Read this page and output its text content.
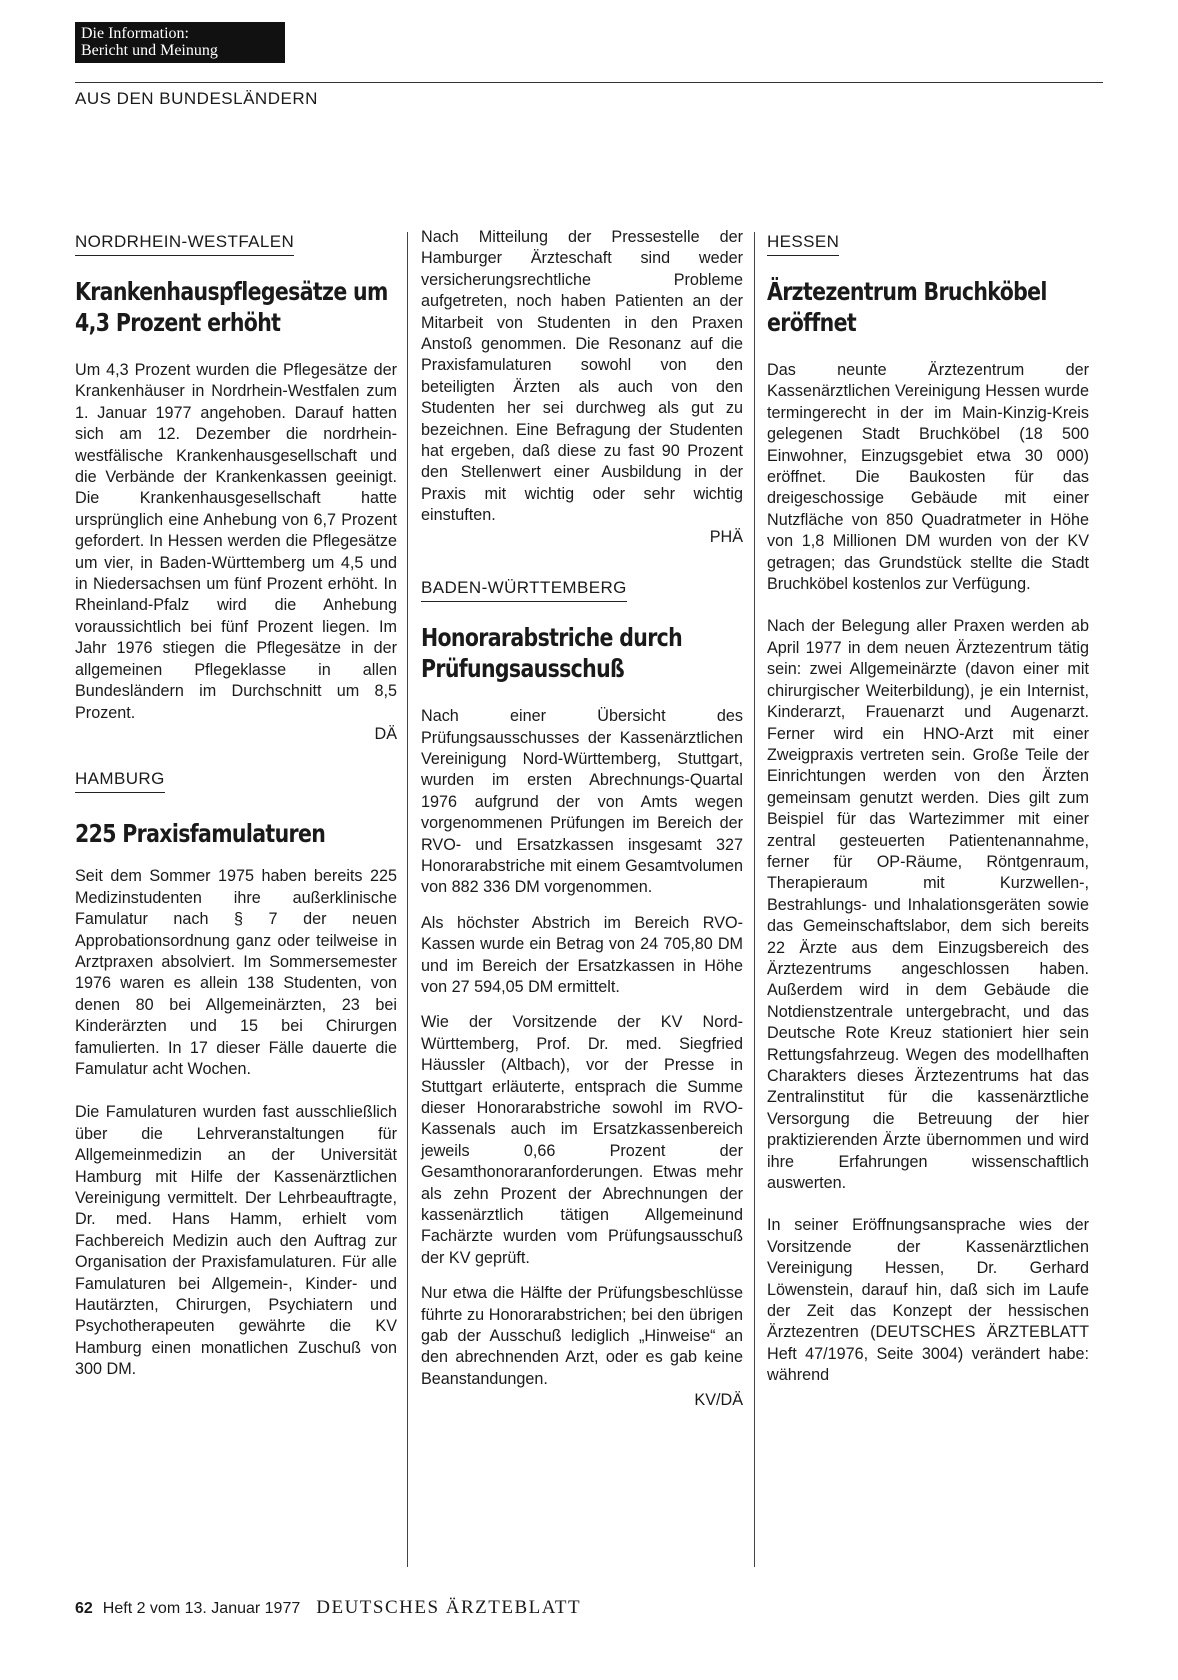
Die Information:
Bericht und Meinung
AUS DEN BUNDESLÄNDERN
NORDRHEIN-WESTFALEN
Krankenhauspflegesätze um 4,3 Prozent erhöht

Um 4,3 Prozent wurden die Pflegesätze der Krankenhäuser in Nordrhein-Westfalen zum 1. Januar 1977 angehoben. Darauf hatten sich am 12. Dezember die nordrhein-westfälische Krankenhausgesellschaft und die Verbände der Krankenkassen geeinigt. Die Krankenhausgesellschaft hatte ursprünglich eine Anhebung von 6,7 Prozent gefordert. In Hessen werden die Pflegesätze um vier, in Baden-Württemberg um 4,5 und in Niedersachsen um fünf Prozent erhöht. In Rheinland-Pfalz wird die Anhebung voraussichtlich bei fünf Prozent liegen. Im Jahr 1976 stiegen die Pflegesätze in der allgemeinen Pflegeklasse in allen Bundesländern im Durchschnitt um 8,5 Prozent.
DÄ

HAMBURG
225 Praxisfamulaturen

Seit dem Sommer 1975 haben bereits 225 Medizinstudenten ihre außerklinische Famulatur nach § 7 der neuen Approbationsordnung ganz oder teilweise in Arztpraxen absolviert. Im Sommersemester 1976 waren es allein 138 Studenten, von denen 80 bei Allgemeinärzten, 23 bei Kinderärzten und 15 bei Chirurgen famulierten. In 17 dieser Fälle dauerte die Famulatur acht Wochen.

Die Famulaturen wurden fast ausschließlich über die Lehrveranstaltungen für Allgemeinmedizin an der Universität Hamburg mit Hilfe der Kassenärztlichen Vereinigung vermittelt. Der Lehrbeauftragte, Dr. med. Hans Hamm, erhielt vom Fachbereich Medizin auch den Auftrag zur Organisation der Praxisfamulaturen. Für alle Famulaturen bei Allgemein-, Kinder- und Hautärzten, Chirurgen, Psychiatern und Psychotherapeuten gewährte die KV Hamburg einen monatlichen Zuschuß von 300 DM.

Nach Mitteilung der Pressestelle der Hamburger Ärzteschaft sind weder versicherungsrechtliche Probleme aufgetreten, noch haben Patienten an der Mitarbeit von Studenten in den Praxen Anstoß genommen. Die Resonanz auf die Praxisfamulaturen sowohl von den beteiligten Ärzten als auch von den Studenten her sei durchweg als gut zu bezeichnen. Eine Befragung der Studenten hat ergeben, daß diese zu fast 90 Prozent den Stellenwert einer Ausbildung in der Praxis mit wichtig oder sehr wichtig einstuften.
PHÄ

BADEN-WÜRTTEMBERG
Honorarabstriche durch Prüfungsausschuß

Nach einer Übersicht des Prüfungsausschusses der Kassenärztlichen Vereinigung Nord-Württemberg, Stuttgart, wurden im ersten Abrechnungs-Quartal 1976 aufgrund der von Amts wegen vorgenommenen Prüfungen im Bereich der RVO- und Ersatzkassen insgesamt 327 Honorarabstriche mit einem Gesamtvolumen von 882 336 DM vorgenommen.

Als höchster Abstrich im Bereich RVO-Kassen wurde ein Betrag von 24 705,80 DM und im Bereich der Ersatzkassen in Höhe von 27 594,05 DM ermittelt.

Wie der Vorsitzende der KV Nord-Württemberg, Prof. Dr. med. Siegfried Häussler (Altbach), vor der Presse in Stuttgart erläuterte, entsprach die Summe dieser Honorarabstriche sowohl im RVO-Kassenals auch im Ersatzkassenbereich jeweils 0,66 Prozent der Gesamthonoraranforderungen. Etwas mehr als zehn Prozent der Abrechnungen der kassenärztlich tätigen Allgemeinund Fachärzte wurden vom Prüfungsausschuß der KV geprüft.

Nur etwa die Hälfte der Prüfungsbeschlüsse führte zu Honorarabstrichen; bei den übrigen gab der Ausschuß lediglich „Hinweise“ an den abrechnenden Arzt, oder es gab keine Beanstandungen.
KV/DÄ

HESSEN
Ärztezentrum Bruchköbel eröffnet

Das neunte Ärztezentrum der Kassenärztlichen Vereinigung Hessen wurde termingerecht in der im Main-Kinzig-Kreis gelegenen Stadt Bruchköbel (18 500 Einwohner, Einzugsgebiet etwa 30 000) eröffnet. Die Baukosten für das dreigeschossige Gebäude mit einer Nutzfläche von 850 Quadratmeter in Höhe von 1,8 Millionen DM wurden von der KV getragen; das Grundstück stellte die Stadt Bruchköbel kostenlos zur Verfügung.

Nach der Belegung aller Praxen werden ab April 1977 in dem neuen Ärztezentrum tätig sein: zwei Allgemeinärzte (davon einer mit chirurgischer Weiterbildung), je ein Internist, Kinderarzt, Frauenarzt und Augenarzt. Ferner wird ein HNO-Arzt mit einer Zweigpraxis vertreten sein. Große Teile der Einrichtungen werden von den Ärzten gemeinsam genutzt werden. Dies gilt zum Beispiel für das Wartezimmer mit einer zentral gesteuerten Patientenannahme, ferner für OP-Räume, Röntgenraum, Therapieraum mit Kurzwellen-, Bestrahlungs- und Inhalationsgeräten sowie das Gemeinschaftslabor, dem sich bereits 22 Ärzte aus dem Einzugsbereich des Ärztezentrums angeschlossen haben. Außerdem wird in dem Gebäude die Notdienstzentrale untergebracht, und das Deutsche Rote Kreuz stationiert hier sein Rettungsfahrzeug. Wegen des modellhaften Charakters dieses Ärztezentrums hat das Zentralinstitut für die kassenärztliche Versorgung die Betreuung der hier praktizierenden Ärzte übernommen und wird ihre Erfahrungen wissenschaftlich auswerten.

In seiner Eröffnungsansprache wies der Vorsitzende der Kassenärztlichen Vereinigung Hessen, Dr. Gerhard Löwenstein, darauf hin, daß sich im Laufe der Zeit das Konzept der hessischen Ärztezentren (DEUTSCHES ÄRZTEBLATT Heft 47/1976, Seite 3004) verändert habe: während

62 Heft 2 vom 13. Januar 1977 DEUTSCHES ÄRZTEBLATT
